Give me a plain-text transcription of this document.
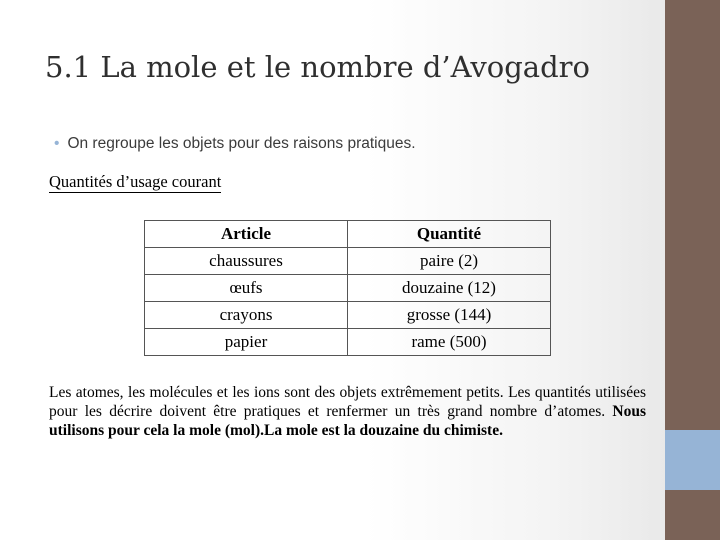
5.1 La mole et le nombre d’Avogadro
• On regroupe les objets pour des raisons pratiques.
Quantités d’usage courant
Article	Quantité
chaussures	paire (2)
œufs	douzaine (12)
crayons	grosse (144)
papier	rame (500)
Les atomes, les molécules et les ions sont des objets extrêmement petits. Les quantités utilisées pour les décrire doivent être pratiques et renfermer un très grand nombre d’atomes. Nous utilisons pour cela la mole (mol).La mole est la douzaine du chimiste.
